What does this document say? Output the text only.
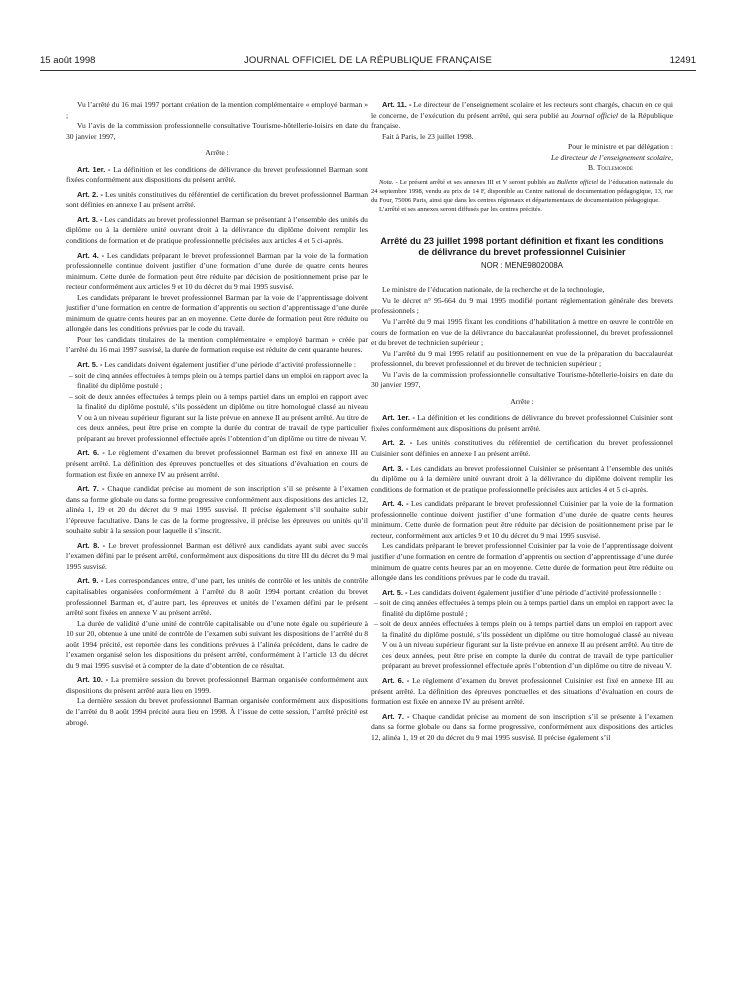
15 août 1998	JOURNAL OFFICIEL DE LA RÉPUBLIQUE FRANÇAISE	12491

Vu l’arrêté du 16 mai 1997 portant création de la mention complémentaire « employé barman » ;

Vu l’avis de la commission professionnelle consultative Tourisme-hôtellerie-loisirs en date du 30 janvier 1997,

Arrête :

Art. 1er. - La définition et les conditions de délivrance du brevet professionnel Barman sont fixées conformément aux dispositions du présent arrêté.

Art. 2. - Les unités constitutives du référentiel de certification du brevet professionnel Barman sont définies en annexe I au présent arrêté.

Art. 3. - Les candidats au brevet professionnel Barman se présentant à l’ensemble des unités du diplôme ou à la dernière unité ouvrant droit à la délivrance du diplôme doivent remplir les conditions de formation et de pratique professionnelle précisées aux articles 4 et 5 ci-après.

Art. 4. - Les candidats préparant le brevet professionnel Barman par la voie de la formation professionnelle continue doivent justifier d’une formation d’une durée de quatre cents heures minimum. Cette durée de formation peut être réduite par décision de positionnement prise par le recteur conformément aux articles 9 et 10 du décret du 9 mai 1995 susvisé.

Les candidats préparant le brevet professionnel Barman par la voie de l’apprentissage doivent justifier d’une formation en centre de formation d’apprentis ou section d’apprentissage d’une durée minimum de quatre cents heures par an en moyenne. Cette durée de formation peut être réduite ou allongée dans les conditions prévues par le code du travail.

Pour les candidats titulaires de la mention complémentaire « employé barman » créée par l’arrêté du 16 mai 1997 susvisé, la durée de formation requise est réduite de cent quarante heures.

Art. 5. - Les candidats doivent également justifier d’une période d’activité professionnelle :

– soit de cinq années effectuées à temps plein ou à temps partiel dans un emploi en rapport avec la finalité du diplôme postulé ;
– soit de deux années effectuées à temps plein ou à temps partiel dans un emploi en rapport avec la finalité du diplôme postulé, s’ils possèdent un diplôme ou titre homologué classé au niveau V ou à un niveau supérieur figurant sur la liste prévue en annexe II au présent arrêté. Au titre de ces deux années, peut être prise en compte la durée du contrat de travail de type particulier préparant au brevet professionnel effectuée après l’obtention d’un diplôme ou titre de niveau V.

Art. 6. - Le règlement d’examen du brevet professionnel Barman est fixé en annexe III au présent arrêté. La définition des épreuves ponctuelles et des situations d’évaluation en cours de formation est fixée en annexe IV au présent arrêté.

Art. 7. - Chaque candidat précise au moment de son inscription s’il se présente à l’examen dans sa forme globale ou dans sa forme progressive conformément aux dispositions des articles 12, alinéa 1, 19 et 20 du décret du 9 mai 1995 susvisé. Il précise également s’il souhaite subir l’épreuve facultative. Dans le cas de la forme progressive, il précise les épreuves ou unités qu’il souhaite subir à la session pour laquelle il s’inscrit.

Art. 8. - Le brevet professionnel Barman est délivré aux candidats ayant subi avec succès l’examen défini par le présent arrêté, conformément aux dispositions du titre III du décret du 9 mai 1995 susvisé.

Art. 9. - Les correspondances entre, d’une part, les unités de contrôle et les unités de contrôle capitalisables organisées conformément à l’arrêté du 8 août 1994 portant création du brevet professionnel Barman et, d’autre part, les épreuves et unités de l’examen défini par le présent arrêté sont fixées en annexe V au présent arrêté.

La durée de validité d’une unité de contrôle capitalisable ou d’une note égale ou supérieure à 10 sur 20, obtenue à une unité de contrôle de l’examen subi suivant les dispositions de l’arrêté du 8 août 1994 précité, est reportée dans les conditions prévues à l’alinéa précédent, dans le cadre de l’examen organisé selon les dispositions du présent arrêté, conformément à l’article 13 du décret du 9 mai 1995 susvisé et à compter de la date d’obtention de ce résultat.

Art. 10. - La première session du brevet professionnel Barman organisée conformément aux dispositions du présent arrêté aura lieu en 1999.

La dernière session du brevet professionnel Barman organisée conformément aux dispositions de l’arrêté du 8 août 1994 précité aura lieu en 1998. À l’issue de cette session, l’arrêté précité est abrogé.

Art. 11. - Le directeur de l’enseignement scolaire et les recteurs sont chargés, chacun en ce qui le concerne, de l’exécution du présent arrêté, qui sera publié au Journal officiel de la République française.

Fait à Paris, le 23 juillet 1998.

Pour le ministre et par délégation :

Le directeur de l’enseignement scolaire,

B. Toulemonde

Nota. - Le présent arrêté et ses annexes III et V seront publiés au Bulletin officiel de l’éducation nationale du 24 septembre 1998, vendu au prix de 14 F, disponible au Centre national de documentation pédagogique, 13, rue du Four, 75006 Paris, ainsi que dans les centres régionaux et départementaux de documentation pédagogique.

L’arrêté et ses annexes seront diffusés par les centres précités.

Arrêté du 23 juillet 1998 portant définition et fixant les conditions de délivrance du brevet professionnel Cuisinier

NOR : MENE9802008A

Le ministre de l’éducation nationale, de la recherche et de la technologie,

Vu le décret n° 95-664 du 9 mai 1995 modifié portant réglementation générale des brevets professionnels ;

Vu l’arrêté du 9 mai 1995 fixant les conditions d’habilitation à mettre en œuvre le contrôle en cours de formation en vue de la délivrance du baccalauréat professionnel, du brevet professionnel et du brevet de technicien supérieur ;

Vu l’arrêté du 9 mai 1995 relatif au positionnement en vue de la préparation du baccalauréat professionnel, du brevet professionnel et du brevet de technicien supérieur ;

Vu l’avis de la commission professionnelle consultative Tourisme-hôtellerie-loisirs en date du 30 janvier 1997,

Arrête :

Art. 1er. - La définition et les conditions de délivrance du brevet professionnel Cuisinier sont fixées conformément aux dispositions du présent arrêté.

Art. 2. - Les unités constitutives du référentiel de certification du brevet professionnel Cuisinier sont définies en annexe I au présent arrêté.

Art. 3. - Les candidats au brevet professionnel Cuisinier se présentant à l’ensemble des unités du diplôme ou à la dernière unité ouvrant droit à la délivrance du diplôme doivent remplir les conditions de formation et de pratique professionnelle précisées aux articles 4 et 5 ci-après.

Art. 4. - Les candidats préparant le brevet professionnel Cuisinier par la voie de la formation professionnelle continue doivent justifier d’une formation d’une durée de quatre cents heures minimum. Cette durée de formation peut être réduite par décision de positionnement prise par le recteur, conformément aux articles 9 et 10 du décret du 9 mai 1995 susvisé.

Les candidats préparant le brevet professionnel Cuisinier par la voie de l’apprentissage doivent justifier d’une formation en centre de formation d’apprentis ou section d’apprentissage d’une durée minimum de quatre cents heures par an en moyenne. Cette durée de formation peut être réduite ou allongée dans les conditions prévues par le code du travail.

Art. 5. - Les candidats doivent également justifier d’une période d’activité professionnelle :

– soit de cinq années effectuées à temps plein ou à temps partiel dans un emploi en rapport avec la finalité du diplôme postulé ;
– soit de deux années effectuées à temps plein ou à temps partiel dans un emploi en rapport avec la finalité du diplôme postulé, s’ils possèdent un diplôme ou titre homologué classé au niveau V ou à un niveau supérieur figurant sur la liste prévue en annexe II au présent arrêté. Au titre de ces deux années, peut être prise en compte la durée du contrat de travail de type particulier préparant au brevet professionnel effectuée après l’obtention d’un diplôme ou titre de niveau V.

Art. 6. - Le règlement d’examen du brevet professionnel Cuisinier est fixé en annexe III au présent arrêté. La définition des épreuves ponctuelles et des situations d’évaluation en cours de formation est fixée en annexe IV au présent arrêté.

Art. 7. - Chaque candidat précise au moment de son inscription s’il se présente à l’examen dans sa forme globale ou dans sa forme progressive, conformément aux dispositions des articles 12, alinéa 1, 19 et 20 du décret du 9 mai 1995 susvisé. Il précise également s’il
